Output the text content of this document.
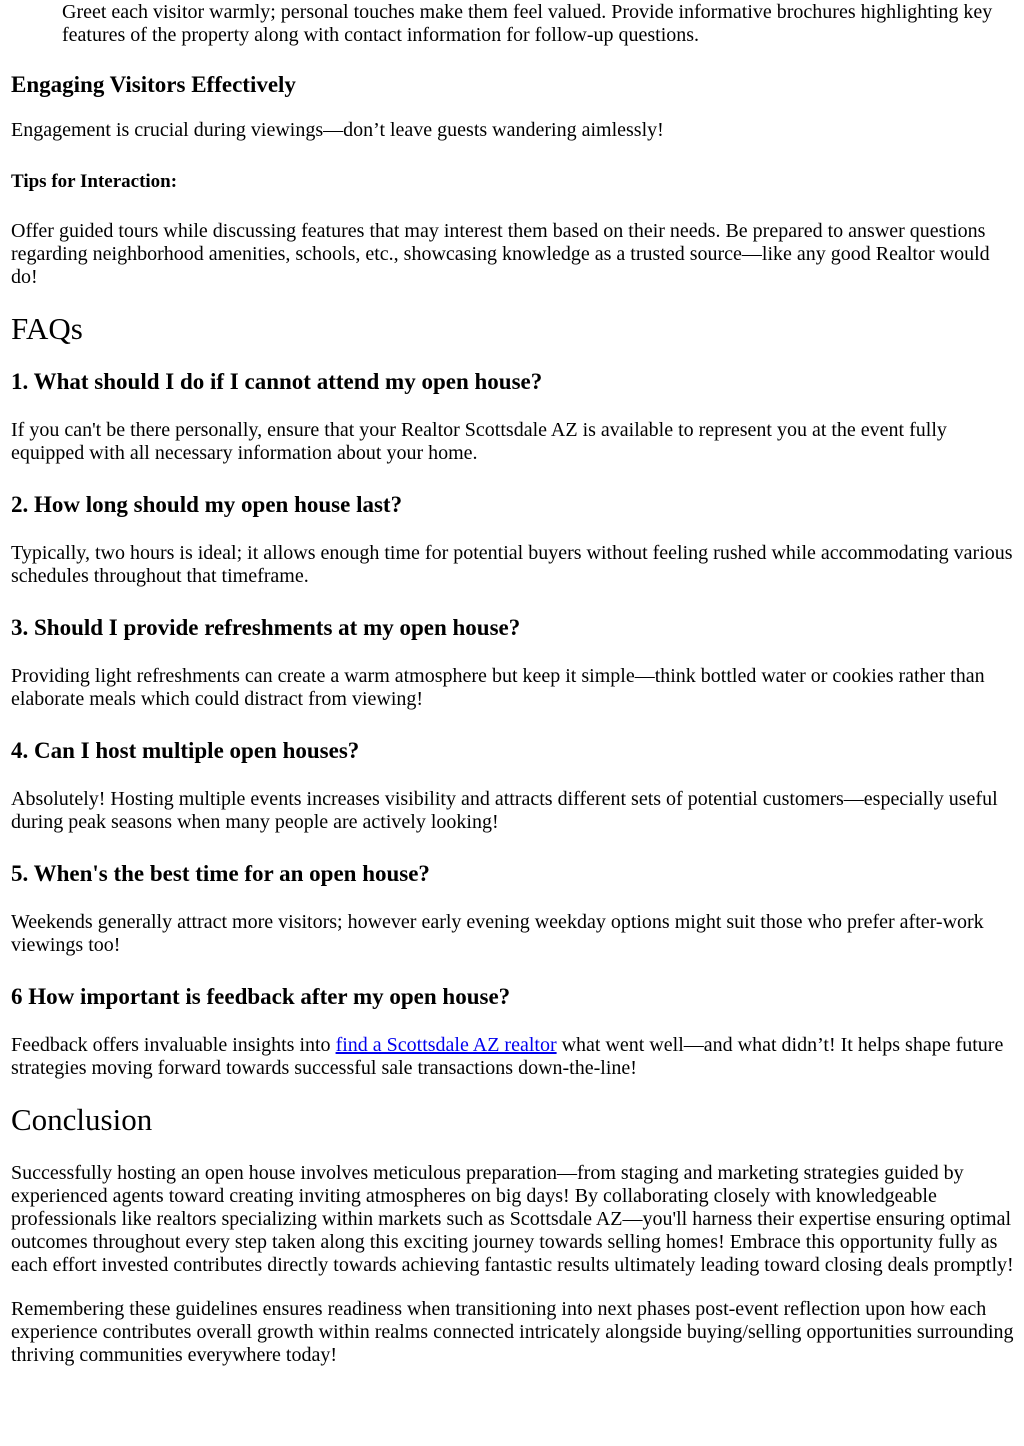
Greet each visitor warmly; personal touches make them feel valued. Provide informative brochures highlighting key features of the property along with contact information for follow-up questions.

Engaging Visitors Effectively

Engagement is crucial during viewings—don’t leave guests wandering aimlessly!

Tips for Interaction:

Offer guided tours while discussing features that may interest them based on their needs. Be prepared to answer questions regarding neighborhood amenities, schools, etc., showcasing knowledge as a trusted source—like any good Realtor would do!

FAQs
1. What should I do if I cannot attend my open house?

If you can't be there personally, ensure that your Realtor Scottsdale AZ is available to represent you at the event fully equipped with all necessary information about your home.

2. How long should my open house last?

Typically, two hours is ideal; it allows enough time for potential buyers without feeling rushed while accommodating various schedules throughout that timeframe.

3. Should I provide refreshments at my open house?

Providing light refreshments can create a warm atmosphere but keep it simple—think bottled water or cookies rather than elaborate meals which could distract from viewing!

4. Can I host multiple open houses?

Absolutely! Hosting multiple events increases visibility and attracts different sets of potential customers—especially useful during peak seasons when many people are actively looking!

5. When's the best time for an open house?

Weekends generally attract more visitors; however early evening weekday options might suit those who prefer after-work viewings too!

6 How important is feedback after my open house?

Feedback offers invaluable insights into find a Scottsdale AZ realtor what went well—and what didn’t! It helps shape future strategies moving forward towards successful sale transactions down-the-line!

Conclusion

Successfully hosting an open house involves meticulous preparation—from staging and marketing strategies guided by experienced agents toward creating inviting atmospheres on big days! By collaborating closely with knowledgeable professionals like realtors specializing within markets such as Scottsdale AZ—you'll harness their expertise ensuring optimal outcomes throughout every step taken along this exciting journey towards selling homes! Embrace this opportunity fully as each effort invested contributes directly towards achieving fantastic results ultimately leading toward closing deals promptly!

Remembering these guidelines ensures readiness when transitioning into next phases post-event reflection upon how each experience contributes overall growth within realms connected intricately alongside buying/selling opportunities surrounding thriving communities everywhere today!
